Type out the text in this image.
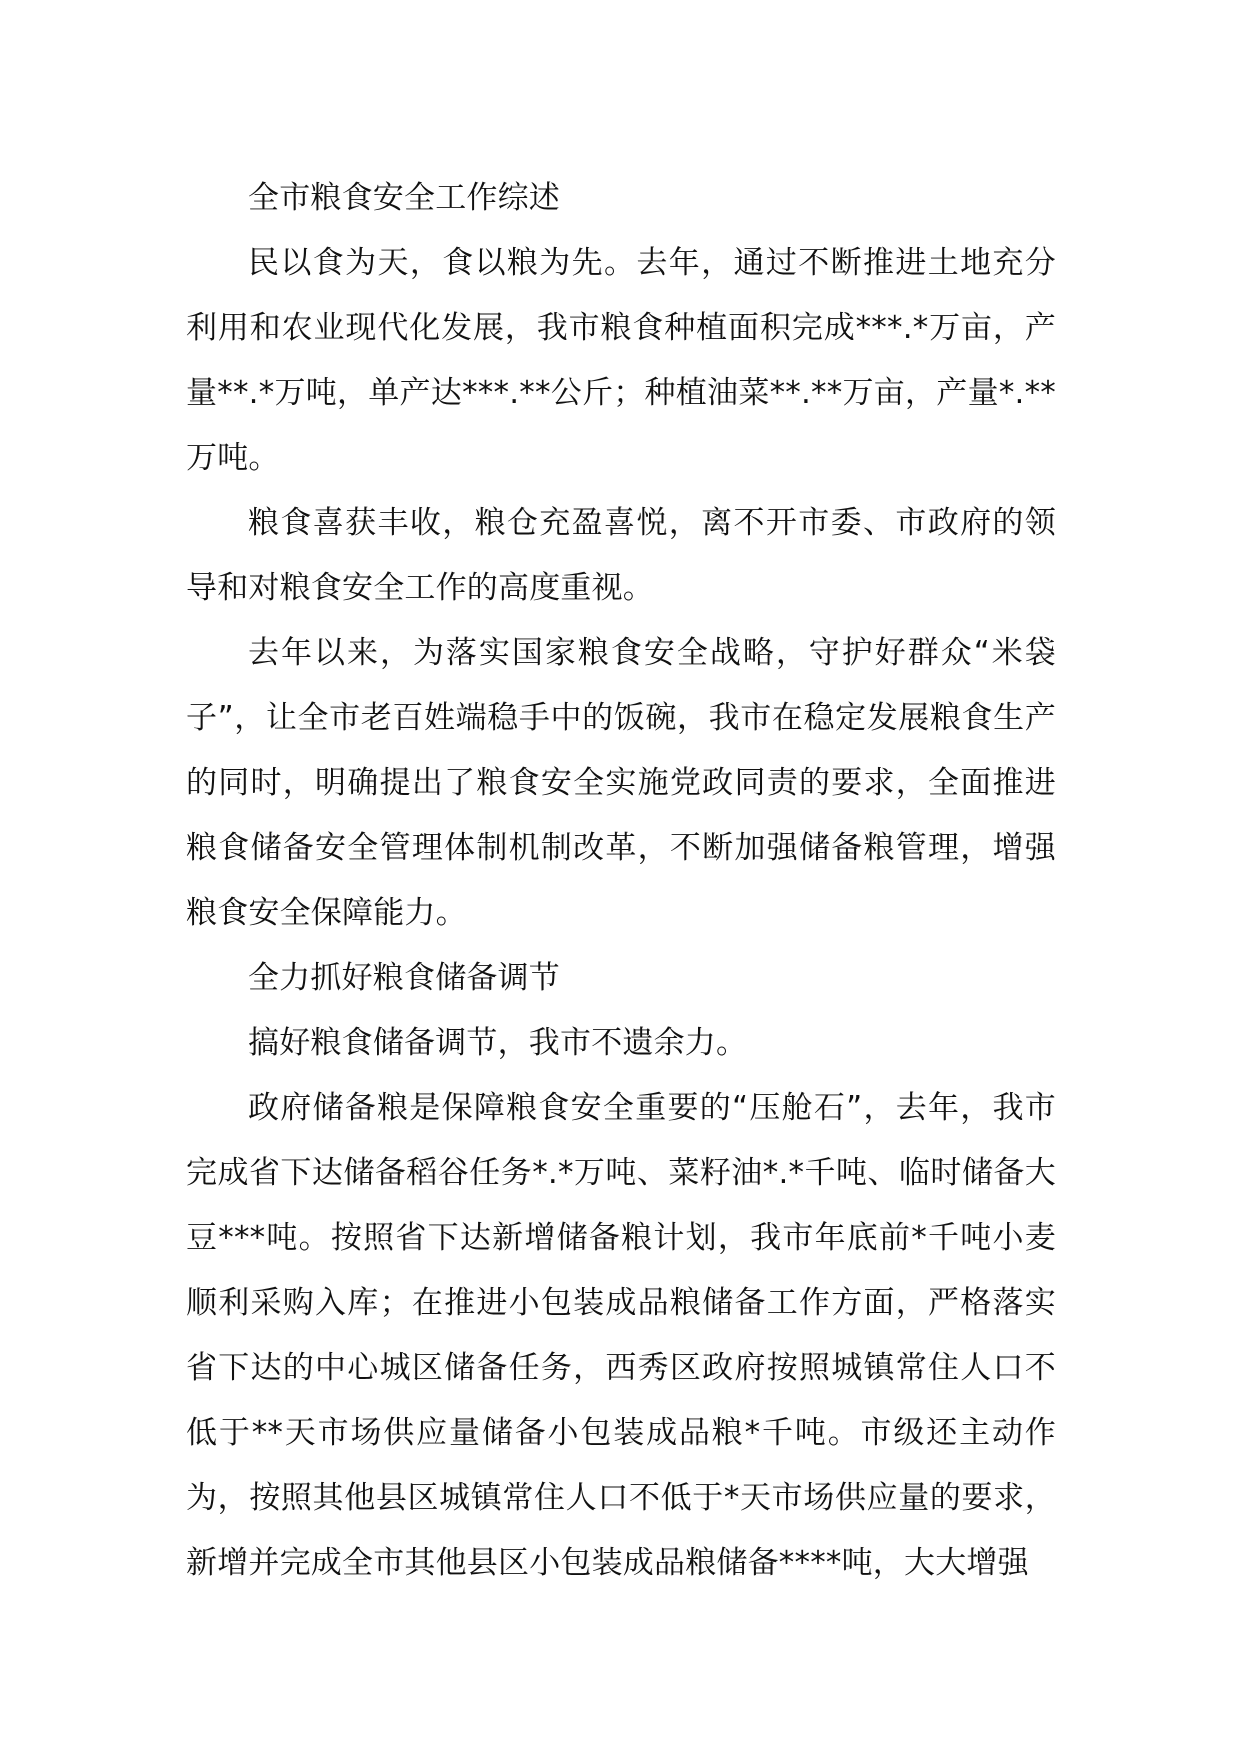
全市粮食安全工作综述

民以食为天，食以粮为先。去年，通过不断推进土地充分利用和农业现代化发展，我市粮食种植面积完成***.*万亩，产量**.*万吨，单产达***.**公斤；种植油菜**.**万亩，产量*.**万吨。

粮食喜获丰收，粮仓充盈喜悦，离不开市委、市政府的领导和对粮食安全工作的高度重视。

去年以来，为落实国家粮食安全战略，守护好群众“米袋子”，让全市老百姓端稳手中的饭碗，我市在稳定发展粮食生产的同时，明确提出了粮食安全实施党政同责的要求，全面推进粮食储备安全管理体制机制改革，不断加强储备粮管理，增强粮食安全保障能力。

全力抓好粮食储备调节

搞好粮食储备调节，我市不遗余力。

政府储备粮是保障粮食安全重要的“压舱石”，去年，我市完成省下达储备稻谷任务*.*万吨、菜籽油*.*千吨、临时储备大豆***吨。按照省下达新增储备粮计划，我市年底前*千吨小麦顺利采购入库；在推进小包装成品粮储备工作方面，严格落实省下达的中心城区储备任务，西秀区政府按照城镇常住人口不低于**天市场供应量储备小包装成品粮*千吨。市级还主动作为，按照其他县区城镇常住人口不低于*天市场供应量的要求，新增并完成全市其他县区小包装成品粮储备****吨，大大增强
